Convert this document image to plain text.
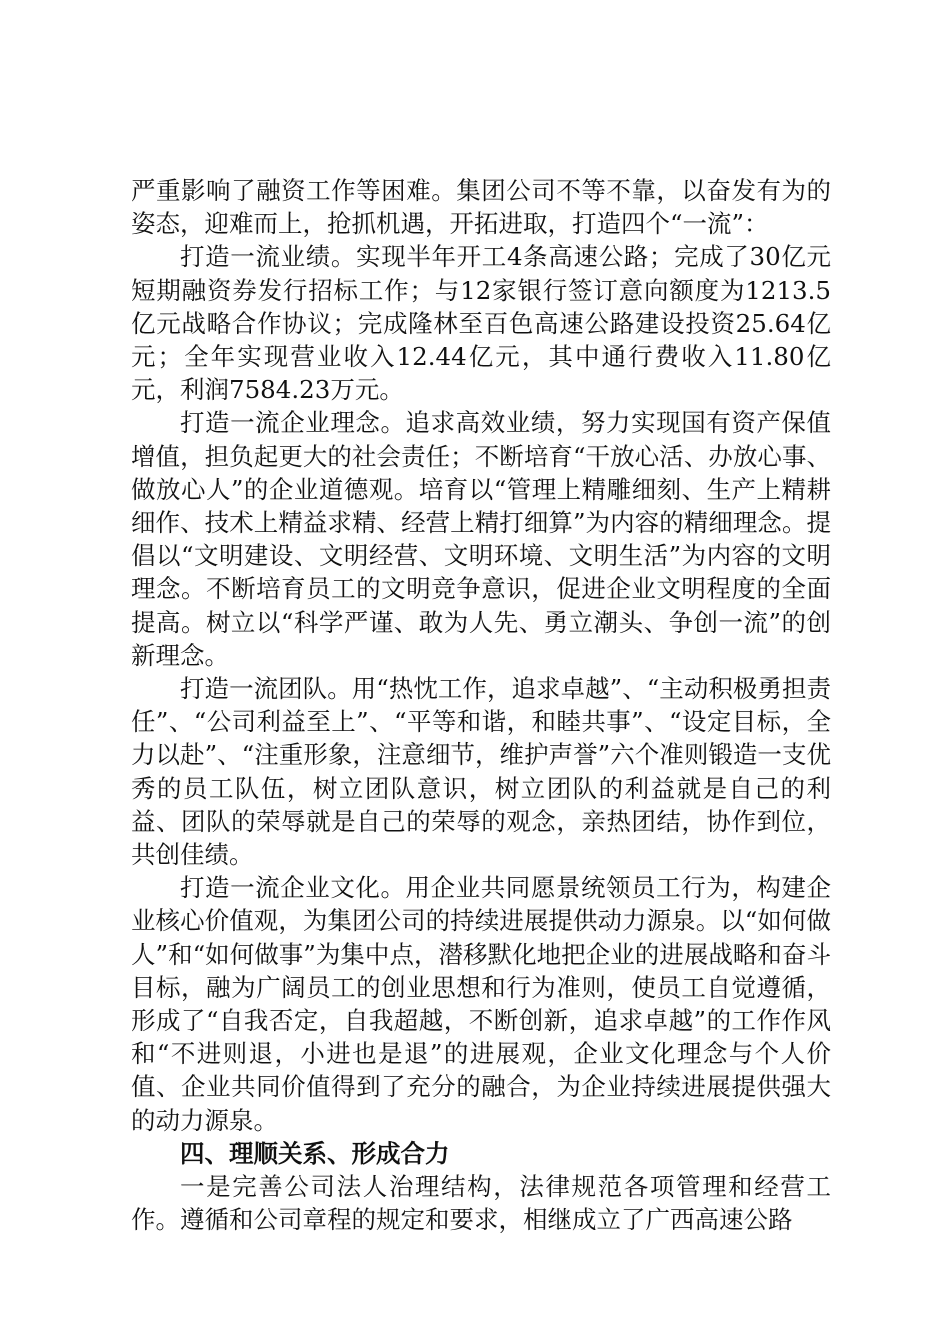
严重影响了融资工作等困难。集团公司不等不靠，以奋发有为的姿态，迎难而上，抢抓机遇，开拓进取，打造四个“一流”：

打造一流业绩。实现半年开工4条高速公路；完成了30亿元短期融资券发行招标工作；与12家银行签订意向额度为1213.5亿元战略合作协议；完成隆林至百色高速公路建设投资25.64亿元；全年实现营业收入12.44亿元，其中通行费收入11.80亿元，利润7584.23万元。

打造一流企业理念。追求高效业绩，努力实现国有资产保值增值，担负起更大的社会责任；不断培育“干放心活、办放心事、做放心人”的企业道德观。培育以“管理上精雕细刻、生产上精耕细作、技术上精益求精、经营上精打细算”为内容的精细理念。提倡以“文明建设、文明经营、文明环境、文明生活”为内容的文明理念。不断培育员工的文明竞争意识，促进企业文明程度的全面提高。树立以“科学严谨、敢为人先、勇立潮头、争创一流”的创新理念。

打造一流团队。用“热忱工作，追求卓越”、“主动积极勇担责任”、“公司利益至上”、“平等和谐，和睦共事”、“设定目标，全力以赴”、“注重形象，注意细节，维护声誉”六个准则锻造一支优秀的员工队伍，树立团队意识，树立团队的利益就是自己的利益、团队的荣辱就是自己的荣辱的观念，亲热团结，协作到位，共创佳绩。

打造一流企业文化。用企业共同愿景统领员工行为，构建企业核心价值观，为集团公司的持续进展提供动力源泉。以“如何做人”和“如何做事”为集中点，潜移默化地把企业的进展战略和奋斗目标，融为广阔员工的创业思想和行为准则，使员工自觉遵循，形成了“自我否定，自我超越，不断创新，追求卓越”的工作作风和“不进则退，小进也是退”的进展观，企业文化理念与个人价值、企业共同价值得到了充分的融合，为企业持续进展提供强大的动力源泉。

四、理顺关系、形成合力

一是完善公司法人治理结构，法律规范各项管理和经营工作。遵循和公司章程的规定和要求，相继成立了广西高速公路
